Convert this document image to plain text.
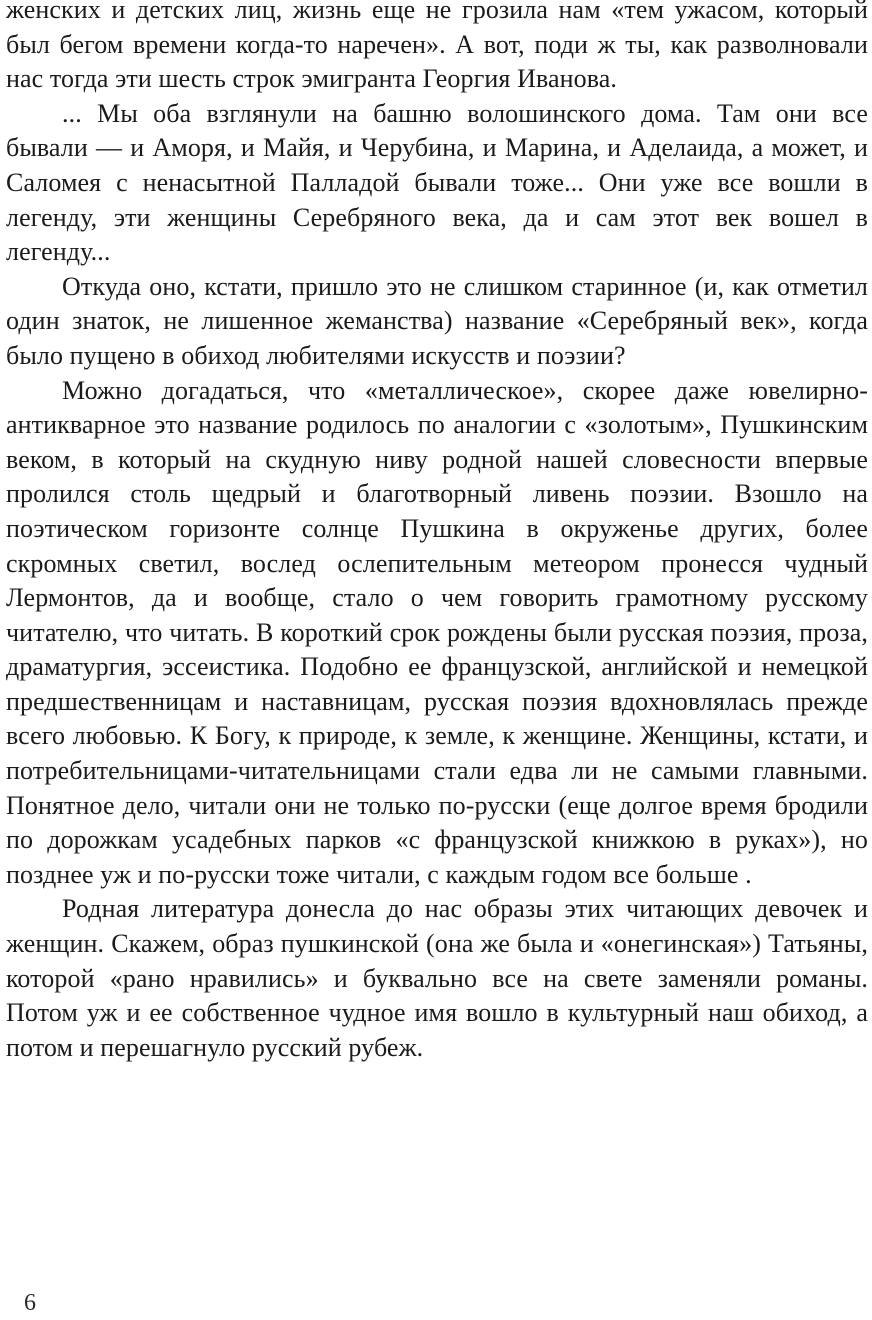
женских и детских лиц, жизнь еще не грозила нам «тем ужасом, который был бегом времени когда-то наречен». А вот, поди ж ты, как разволновали нас тогда эти шесть строк эмигранта Георгия Иванова.

... Мы оба взглянули на башню волошинского дома. Там они все бывали — и Аморя, и Майя, и Черубина, и Марина, и Аделаида, а может, и Саломея с ненасытной Палладой бывали тоже... Они уже все вошли в легенду, эти женщины Серебряного века, да и сам этот век вошел в легенду...

Откуда оно, кстати, пришло это не слишком старинное (и, как отметил один знаток, не лишенное жеманства) название «Серебряный век», когда было пущено в обиход любителями искусств и поэзии?

Можно догадаться, что «металлическое», скорее даже ювелирно-антикварное это название родилось по аналогии с «золотым», Пушкинским веком, в который на скудную ниву родной нашей словесности впервые пролился столь щедрый и благотворный ливень поэзии. Взошло на поэтическом горизонте солнце Пушкина в окруженье других, более скромных светил, вослед ослепительным метеором пронесся чудный Лермонтов, да и вообще, стало о чем говорить грамотному русскому читателю, что читать. В короткий срок рождены были русская поэзия, проза, драматургия, эссеистика. Подобно ее французской, английской и немецкой предшественницам и наставницам, русская поэзия вдохновлялась прежде всего любовью. К Богу, к природе, к земле, к женщине. Женщины, кстати, и потребительницами-читательницами стали едва ли не самыми главными. Понятное дело, читали они не только по-русски (еще долгое время бродили по дорожкам усадебных парков «с французской книжкою в руках»), но позднее уж и по-русски тоже читали, с каждым годом все больше .

Родная литература донесла до нас образы этих читающих девочек и женщин. Скажем, образ пушкинской (она же была и «онегинская») Татьяны, которой «рано нравились» и буквально все на свете заменяли романы. Потом уж и ее собственное чудное имя вошло в культурный наш обиход, а потом и перешагнуло русский рубеж.

6
